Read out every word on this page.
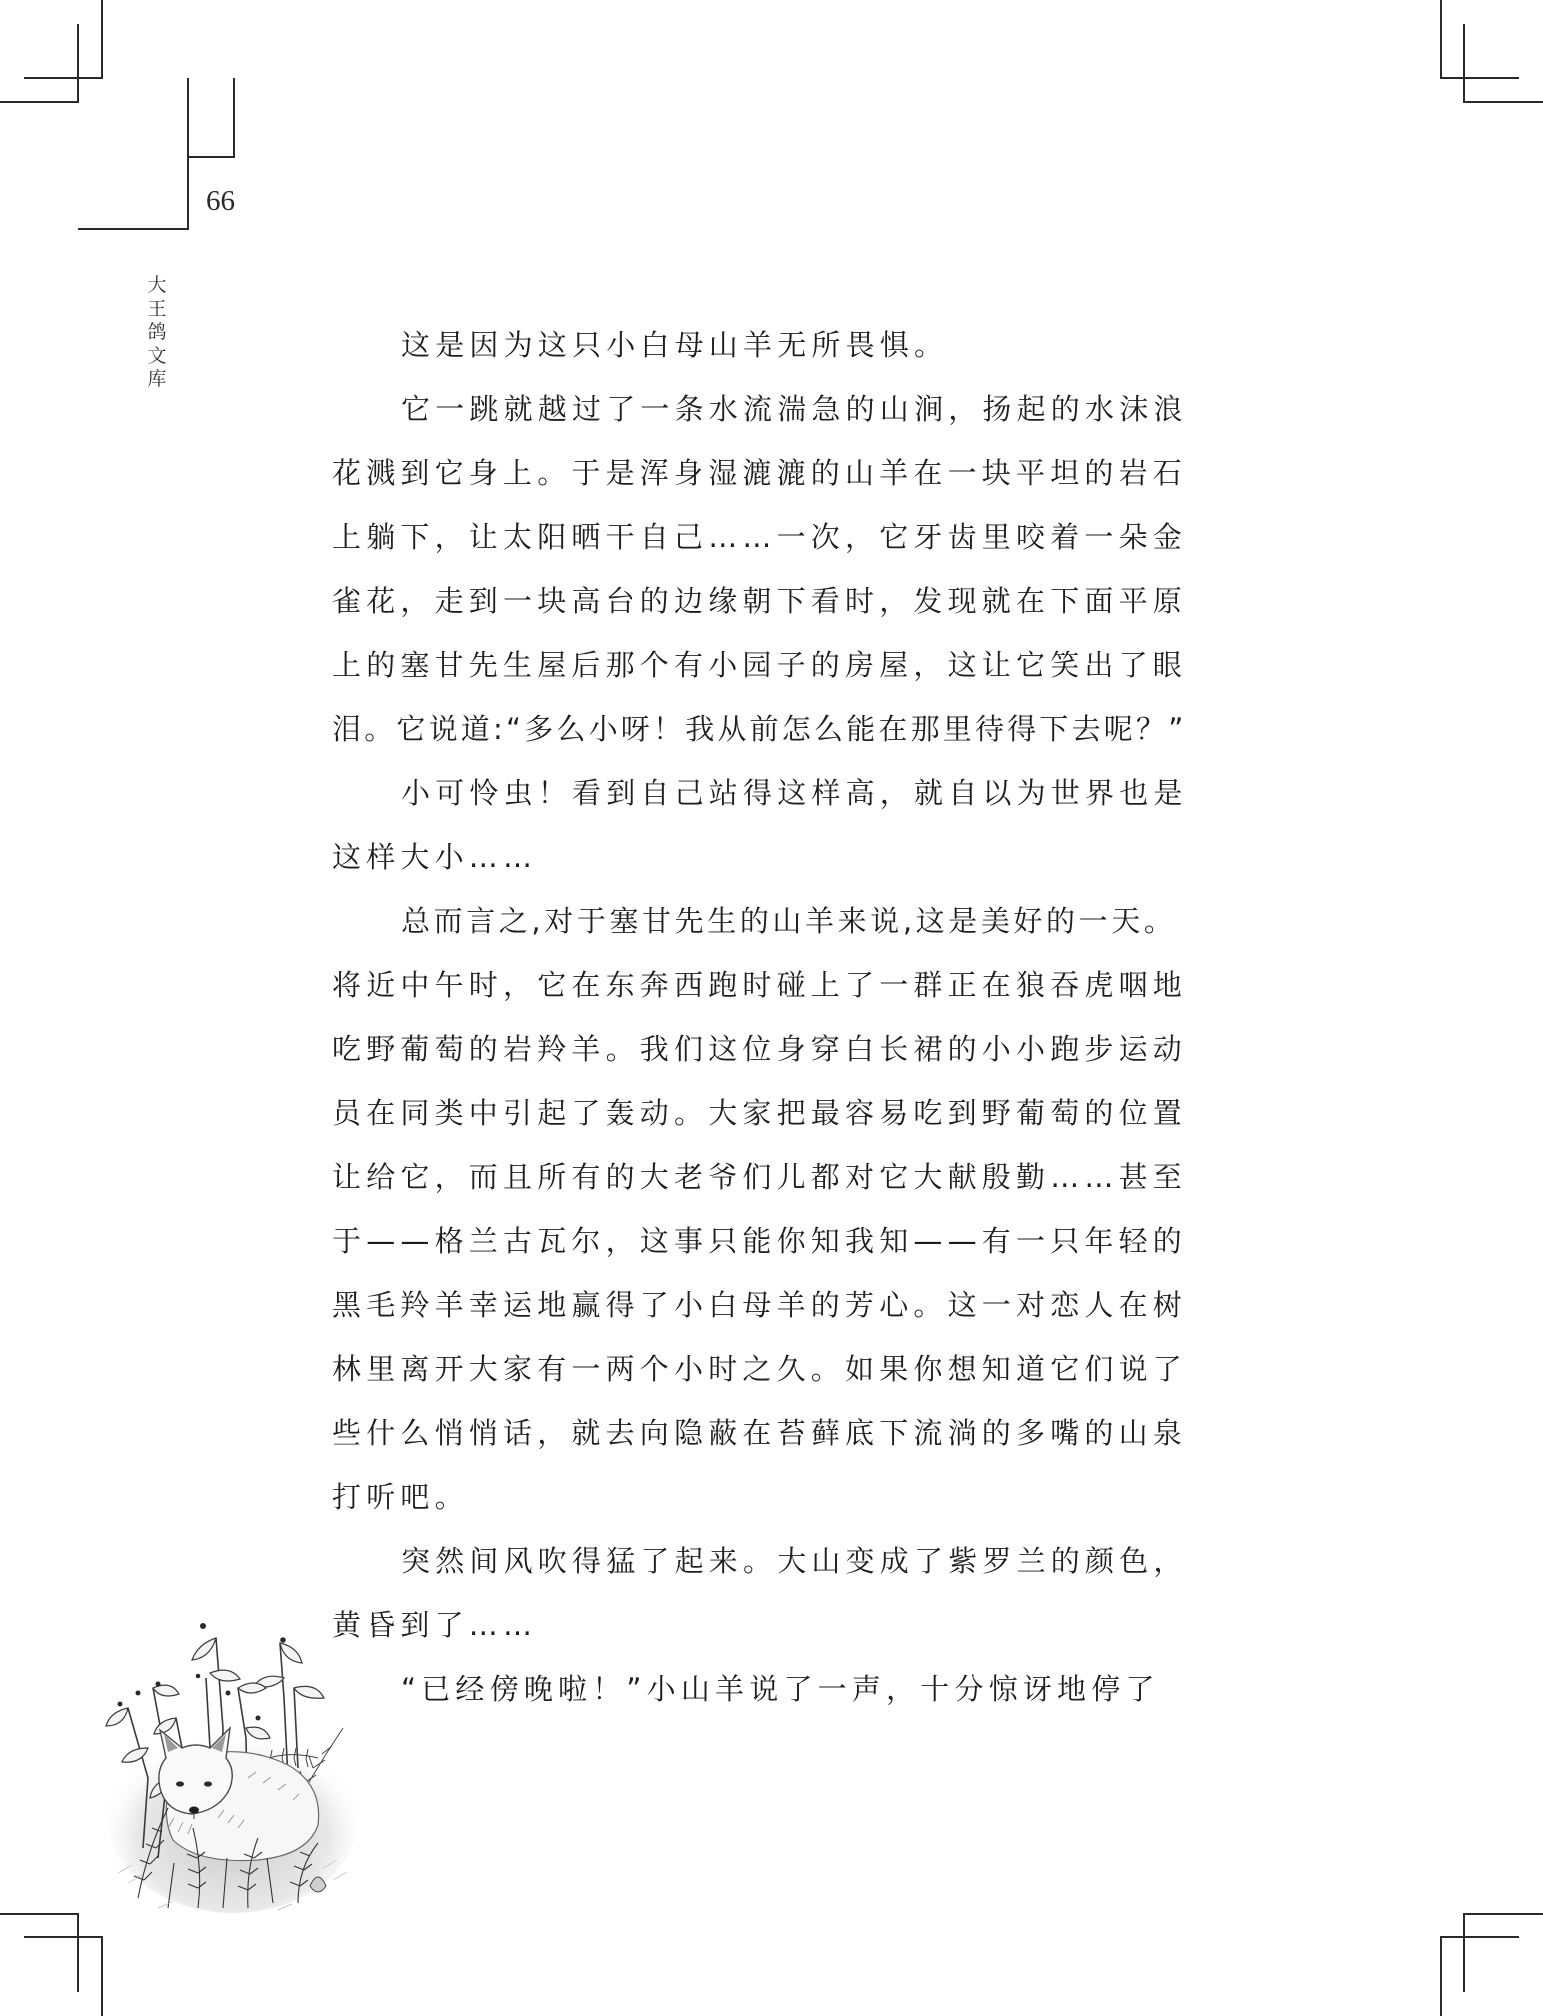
66
大
王
鸽
文
库
这是因为这只小白母山羊无所畏惧。
它一跳就越过了一条水流湍急的山涧，扬起的水沫浪
花溅到它身上。于是浑身湿漉漉的山羊在一块平坦的岩石
上躺下，让太阳晒干自己……一次，它牙齿里咬着一朵金
雀花，走到一块高台的边缘朝下看时，发现就在下面平原
上的塞甘先生屋后那个有小园子的房屋，这让它笑出了眼
泪。它说道:“多么小呀！我从前怎么能在那里待得下去呢？”
小可怜虫！看到自己站得这样高，就自以为世界也是
这样大小……
总而言之,对于塞甘先生的山羊来说,这是美好的一天。
将近中午时，它在东奔西跑时碰上了一群正在狼吞虎咽地
吃野葡萄的岩羚羊。我们这位身穿白长裙的小小跑步运动
员在同类中引起了轰动。大家把最容易吃到野葡萄的位置
让给它，而且所有的大老爷们儿都对它大献殷勤……甚至
于——格兰古瓦尔，这事只能你知我知——有一只年轻的
黑毛羚羊幸运地赢得了小白母羊的芳心。这一对恋人在树
林里离开大家有一两个小时之久。如果你想知道它们说了
些什么悄悄话，就去向隐蔽在苔藓底下流淌的多嘴的山泉
打听吧。
突然间风吹得猛了起来。大山变成了紫罗兰的颜色，
黄昏到了……
“已经傍晚啦！”小山羊说了一声，十分惊讶地停了
